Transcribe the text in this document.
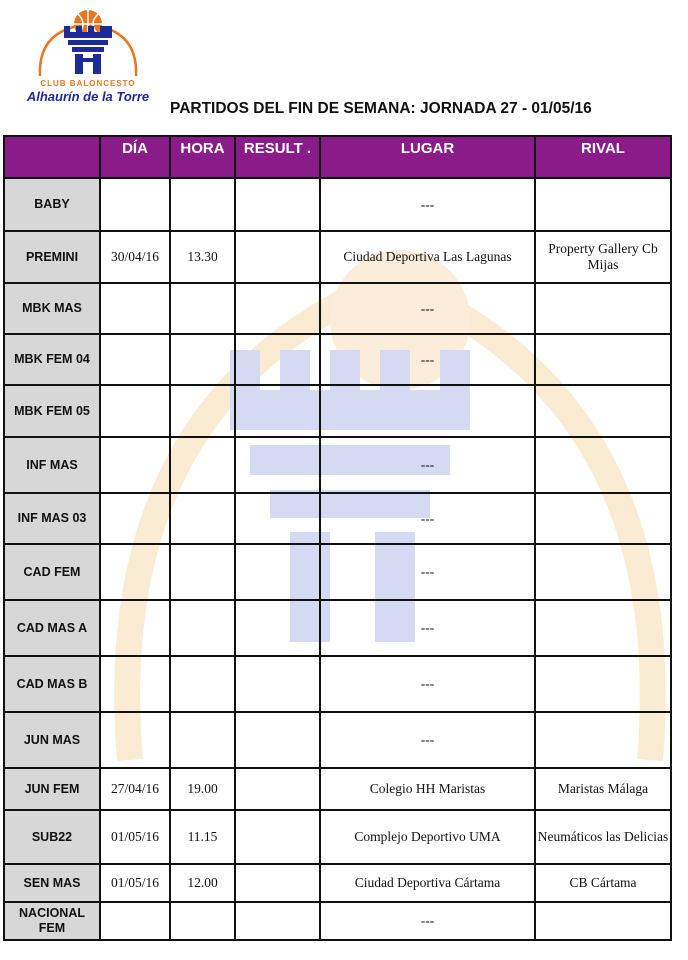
CLUB BALONCESTO
Alhaurín de la Torre
PARTIDOS DEL FIN DE SEMANA: JORNADA 27 - 01/05/16
	DÍA	HORA	RESULT .	LUGAR	RIVAL
BABY				---	
PREMINI	30/04/16	13.30		Ciudad Deportiva Las Lagunas	Property Gallery Cb Mijas
MBK MAS				---	
MBK FEM 04				---	
MBK FEM 05					
INF MAS				---	
INF MAS 03				---	
CAD FEM				---	
CAD MAS A				---	
CAD MAS B				---	
JUN MAS				---	
JUN FEM	27/04/16	19.00		Colegio HH Maristas	Maristas Málaga
SUB22	01/05/16	11.15		Complejo Deportivo UMA	Neumáticos las Delicias
SEN MAS	01/05/16	12.00		Ciudad Deportiva Cártama	CB Cártama
NACIONAL FEM				---	
